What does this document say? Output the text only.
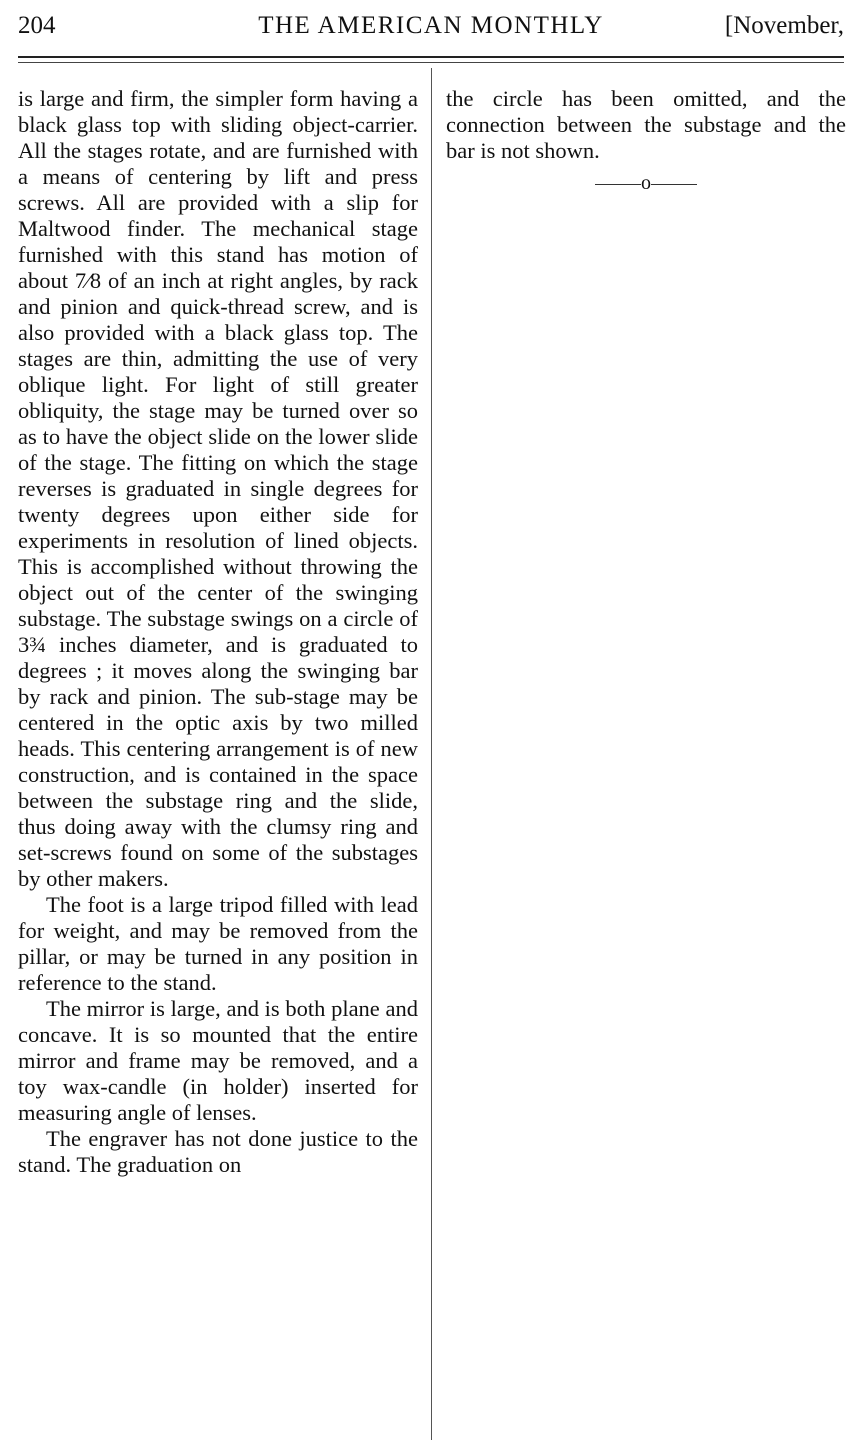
204	THE AMERICAN MONTHLY	[November,

is large and firm, the simpler form having a black glass top with sliding object-carrier. All the stages rotate, and are furnished with a means of centering by lift and press screws. All are provided with a slip for Maltwood finder. The mechanical stage furnished with this stand has motion of about 7⁄8 of an inch at right angles, by rack and pinion and quick-thread screw, and is also provided with a black glass top. The stages are thin, admitting the use of very oblique light. For light of still greater obliquity, the stage may be turned over so as to have the object slide on the lower slide of the stage. The fitting on which the stage reverses is graduated in single degrees for twenty degrees upon either side for experiments in resolution of lined objects. This is accomplished without throwing the object out of the center of the swinging substage. The substage swings on a circle of 3¾ inches diameter, and is graduated to degrees ; it moves along the swinging bar by rack and pinion. The sub-stage may be centered in the optic axis by two milled heads. This centering arrangement is of new construction, and is contained in the space between the substage ring and the slide, thus doing away with the clumsy ring and set-screws found on some of the substages by other makers.

The foot is a large tripod filled with lead for weight, and may be removed from the pillar, or may be turned in any position in reference to the stand.

The mirror is large, and is both plane and concave. It is so mounted that the entire mirror and frame may be removed, and a toy wax-candle (in holder) inserted for measuring angle of lenses.

The engraver has not done justice to the stand. The graduation on

the circle has been omitted, and the connection between the substage and the bar is not shown.

o
